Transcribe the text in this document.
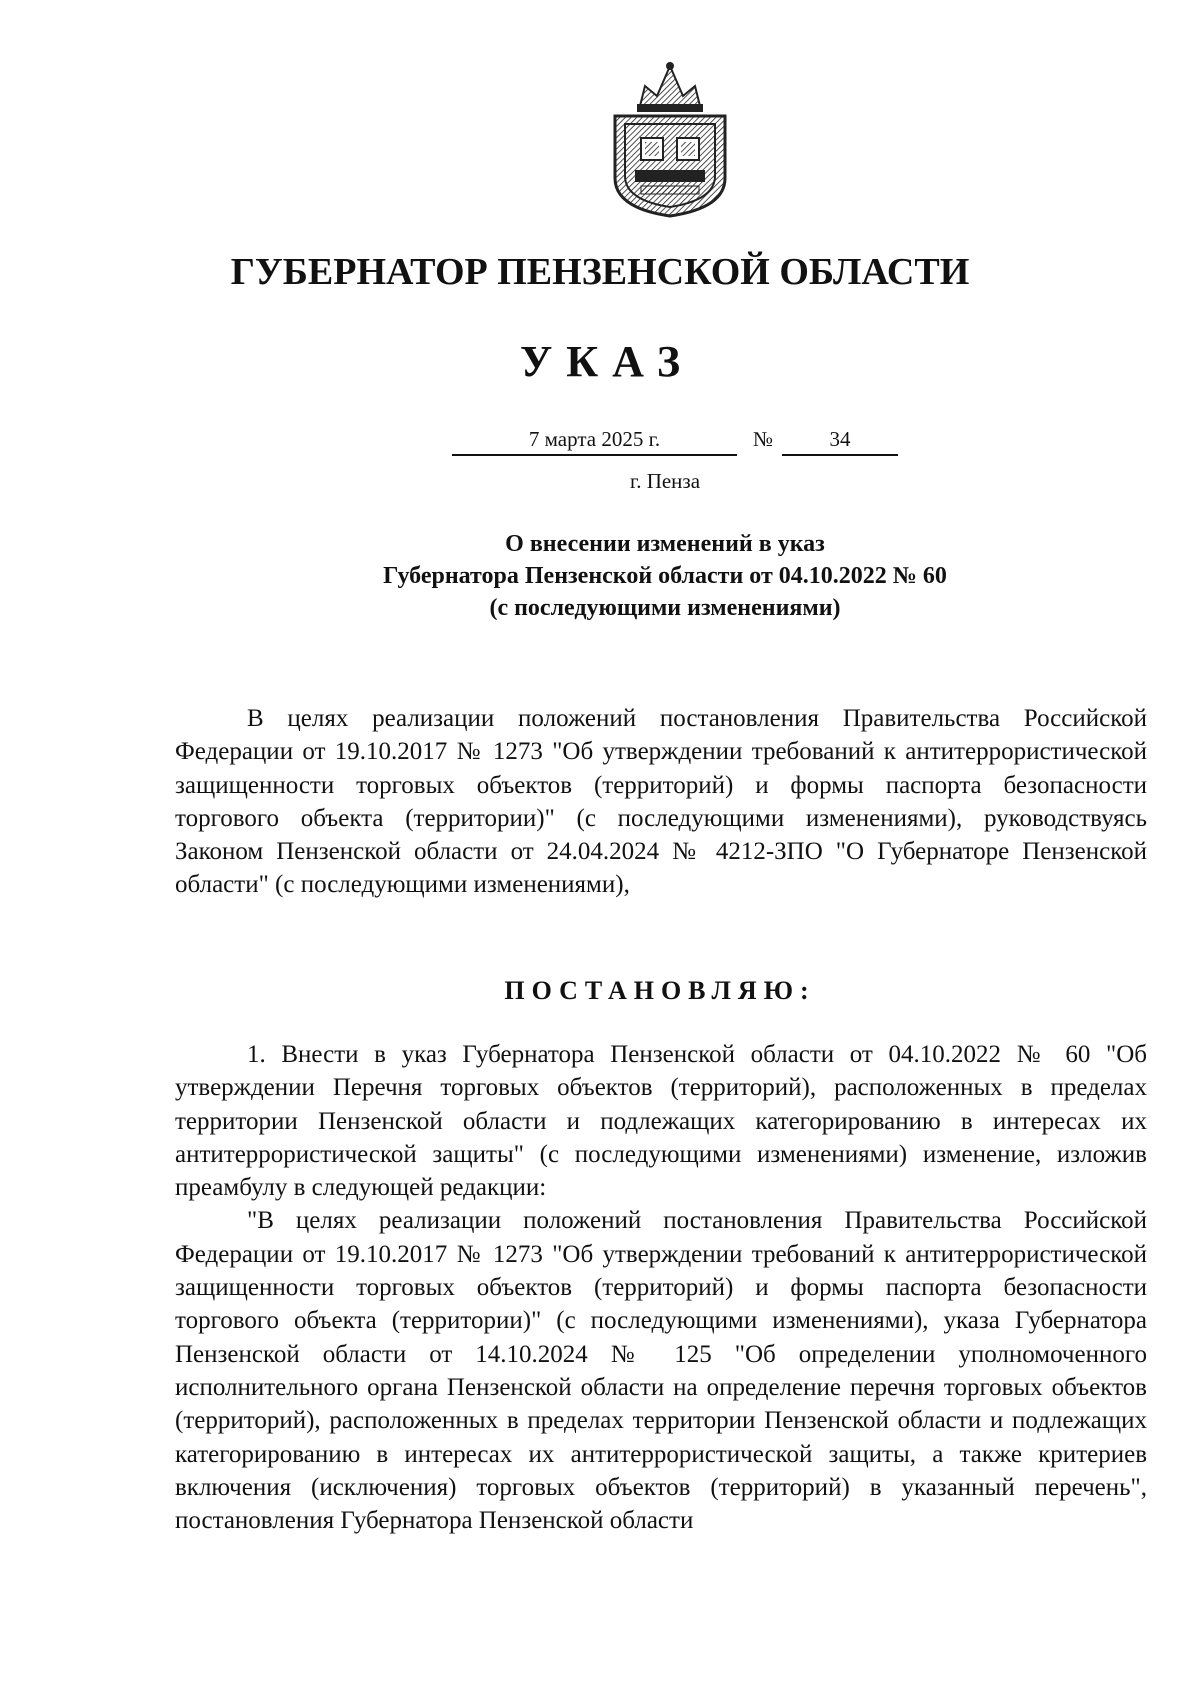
ГУБЕРНАТОР ПЕНЗЕНСКОЙ ОБЛАСТИ
УКАЗ
7 марта 2025 г.	№	34
г. Пенза
О внесении изменений в указ
Губернатора Пензенской области от 04.10.2022 № 60
(с последующими изменениями)
В целях реализации положений постановления Правительства Российской Федерации от 19.10.2017 № 1273 "Об утверждении требований к антитеррористической защищенности торговых объектов (территорий) и формы паспорта безопасности торгового объекта (территории)" (с последующими изменениями), руководствуясь Законом Пензенской области от 24.04.2024 № 4212-ЗПО "О Губернаторе Пензенской области" (с последующими изменениями),
ПОСТАНОВЛЯЮ:
1. Внести в указ Губернатора Пензенской области от 04.10.2022 № 60 "Об утверждении Перечня торговых объектов (территорий), расположенных в пределах территории Пензенской области и подлежащих категорированию в интересах их антитеррористической защиты" (с последующими изменениями) изменение, изложив преамбулу в следующей редакции:
"В целях реализации положений постановления Правительства Российской Федерации от 19.10.2017 № 1273 "Об утверждении требований к антитеррористической защищенности торговых объектов (территорий) и формы паспорта безопасности торгового объекта (территории)" (с последующими изменениями), указа Губернатора Пензенской области от 14.10.2024 № 125 "Об определении уполномоченного исполнительного органа Пензенской области на определение перечня торговых объектов (территорий), расположенных в пределах территории Пензенской области и подлежащих категорированию в интересах их антитеррористической защиты, а также критериев включения (исключения) торговых объектов (территорий) в указанный перечень", постановления Губернатора Пензенской области
